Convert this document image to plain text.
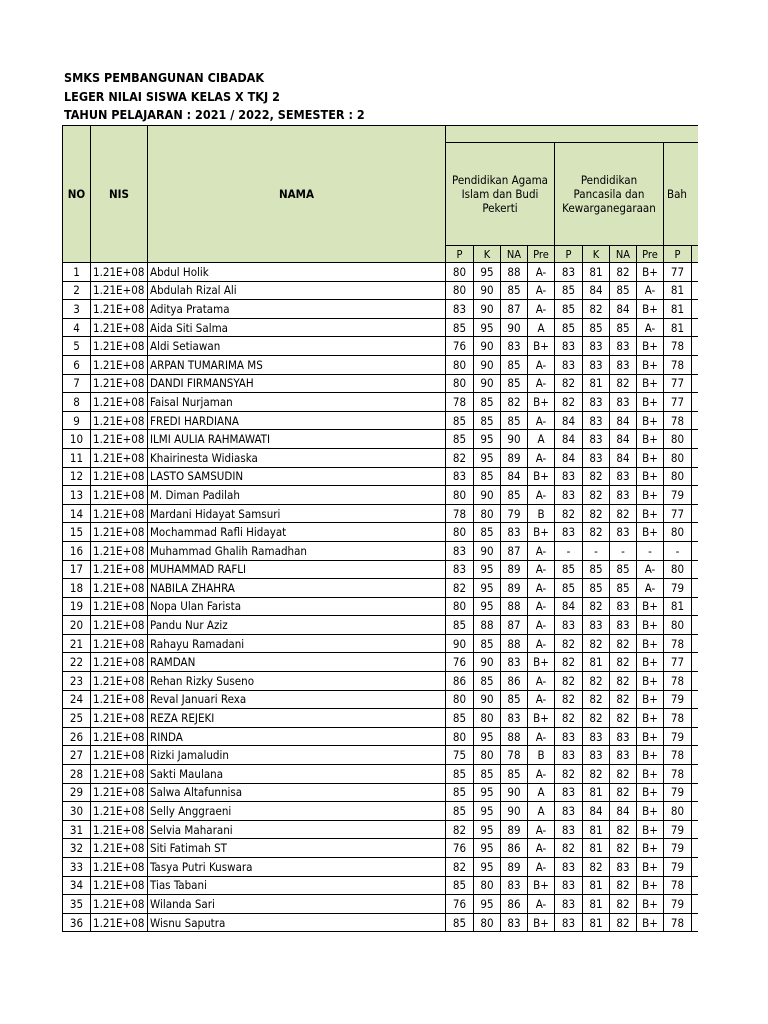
SMKS PEMBANGUNAN CIBADAK
LEGER NILAI SISWA KELAS X TKJ 2
TAHUN PELAJARAN : 2021 / 2022, SEMESTER : 2
NO	NIS	NAMA										
			Pendidikan Agama Islam dan Budi Pekerti				Pendidikan Pancasila dan Kewarganegaraan				Bah	
			P	K	NA	Pre	P	K	NA	Pre	P	
1	1.21E+08	Abdul Holik	80	95	88	A-	83	81	82	B+	77	
2	1.21E+08	Abdulah Rizal Ali	80	90	85	A-	85	84	85	A-	81	
3	1.21E+08	Aditya Pratama	83	90	87	A-	85	82	84	B+	81	
4	1.21E+08	Aida Siti Salma	85	95	90	A	85	85	85	A-	81	
5	1.21E+08	Aldi Setiawan	76	90	83	B+	83	83	83	B+	78	
6	1.21E+08	ARPAN TUMARIMA MS	80	90	85	A-	83	83	83	B+	78	
7	1.21E+08	DANDI FIRMANSYAH	80	90	85	A-	82	81	82	B+	77	
8	1.21E+08	Faisal Nurjaman	78	85	82	B+	82	83	83	B+	77	
9	1.21E+08	FREDI HARDIANA	85	85	85	A-	84	83	84	B+	78	
10	1.21E+08	ILMI AULIA RAHMAWATI	85	95	90	A	84	83	84	B+	80	
11	1.21E+08	Khairinesta Widiaska	82	95	89	A-	84	83	84	B+	80	
12	1.21E+08	LASTO SAMSUDIN	83	85	84	B+	83	82	83	B+	80	
13	1.21E+08	M. Diman Padilah	80	90	85	A-	83	82	83	B+	79	
14	1.21E+08	Mardani Hidayat Samsuri	78	80	79	B	82	82	82	B+	77	
15	1.21E+08	Mochammad Rafli Hidayat	80	85	83	B+	83	82	83	B+	80	
16	1.21E+08	Muhammad Ghalih Ramadhan	83	90	87	A-	-	-	-	-	-	
17	1.21E+08	MUHAMMAD RAFLI	83	95	89	A-	85	85	85	A-	80	
18	1.21E+08	NABILA ZHAHRA	82	95	89	A-	85	85	85	A-	79	
19	1.21E+08	Nopa Ulan Farista	80	95	88	A-	84	82	83	B+	81	
20	1.21E+08	Pandu Nur Aziz	85	88	87	A-	83	83	83	B+	80	
21	1.21E+08	Rahayu Ramadani	90	85	88	A-	82	82	82	B+	78	
22	1.21E+08	RAMDAN	76	90	83	B+	82	81	82	B+	77	
23	1.21E+08	Rehan Rizky Suseno	86	85	86	A-	82	82	82	B+	78	
24	1.21E+08	Reval Januari Rexa	80	90	85	A-	82	82	82	B+	79	
25	1.21E+08	REZA REJEKI	85	80	83	B+	82	82	82	B+	78	
26	1.21E+08	RINDA	80	95	88	A-	83	83	83	B+	79	
27	1.21E+08	Rizki Jamaludin	75	80	78	B	83	83	83	B+	78	
28	1.21E+08	Sakti Maulana	85	85	85	A-	82	82	82	B+	78	
29	1.21E+08	Salwa Altafunnisa	85	95	90	A	83	81	82	B+	79	
30	1.21E+08	Selly Anggraeni	85	95	90	A	83	84	84	B+	80	
31	1.21E+08	Selvia Maharani	82	95	89	A-	83	81	82	B+	79	
32	1.21E+08	Siti Fatimah ST	76	95	86	A-	82	81	82	B+	79	
33	1.21E+08	Tasya Putri Kuswara	82	95	89	A-	83	82	83	B+	79	
34	1.21E+08	Tias Tabani	85	80	83	B+	83	81	82	B+	78	
35	1.21E+08	Wilanda Sari	76	95	86	A-	83	81	82	B+	79	
36	1.21E+08	Wisnu Saputra	85	80	83	B+	83	81	82	B+	78	
